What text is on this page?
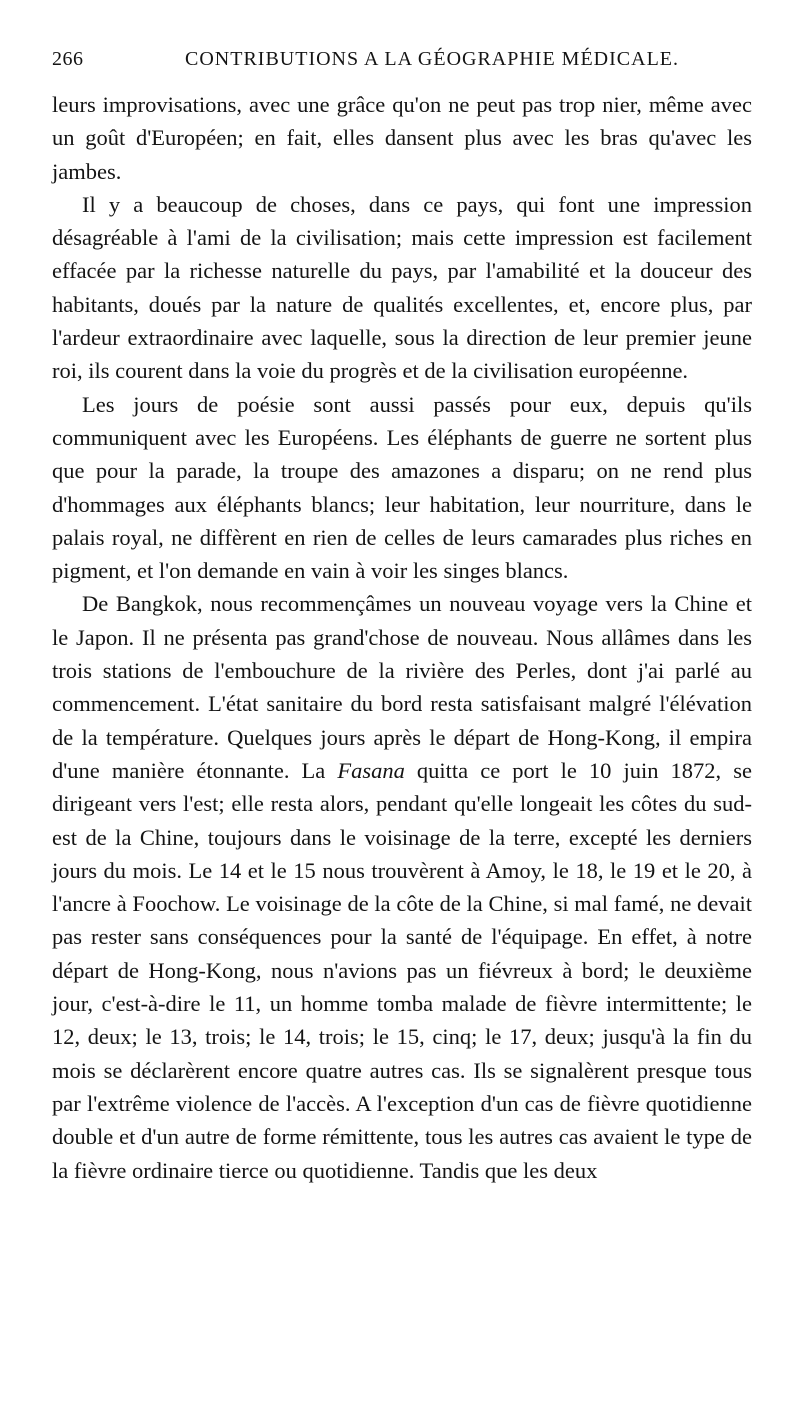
266	CONTRIBUTIONS A LA GÉOGRAPHIE MÉDICALE.

leurs improvisations, avec une grâce qu'on ne peut pas trop nier, même avec un goût d'Européen; en fait, elles dansent plus avec les bras qu'avec les jambes.

Il y a beaucoup de choses, dans ce pays, qui font une impression désagréable à l'ami de la civilisation; mais cette impression est facilement effacée par la richesse naturelle du pays, par l'amabilité et la douceur des habitants, doués par la nature de qualités excellentes, et, encore plus, par l'ardeur extraordinaire avec laquelle, sous la direction de leur premier jeune roi, ils courent dans la voie du progrès et de la civilisation européenne.

Les jours de poésie sont aussi passés pour eux, depuis qu'ils communiquent avec les Européens. Les éléphants de guerre ne sortent plus que pour la parade, la troupe des amazones a disparu; on ne rend plus d'hommages aux éléphants blancs; leur habitation, leur nourriture, dans le palais royal, ne diffèrent en rien de celles de leurs camarades plus riches en pigment, et l'on demande en vain à voir les singes blancs.

De Bangkok, nous recommençâmes un nouveau voyage vers la Chine et le Japon. Il ne présenta pas grand'chose de nouveau. Nous allâmes dans les trois stations de l'embouchure de la rivière des Perles, dont j'ai parlé au commencement. L'état sanitaire du bord resta satisfaisant malgré l'élévation de la température. Quelques jours après le départ de Hong-Kong, il empira d'une manière étonnante. La Fasana quitta ce port le 10 juin 1872, se dirigeant vers l'est; elle resta alors, pendant qu'elle longeait les côtes du sud-est de la Chine, toujours dans le voisinage de la terre, excepté les derniers jours du mois. Le 14 et le 15 nous trouvèrent à Amoy, le 18, le 19 et le 20, à l'ancre à Foochow. Le voisinage de la côte de la Chine, si mal famé, ne devait pas rester sans conséquences pour la santé de l'équipage. En effet, à notre départ de Hong-Kong, nous n'avions pas un fiévreux à bord; le deuxième jour, c'est-à-dire le 11, un homme tomba malade de fièvre intermittente; le 12, deux; le 13, trois; le 14, trois; le 15, cinq; le 17, deux; jusqu'à la fin du mois se déclarèrent encore quatre autres cas. Ils se signalèrent presque tous par l'extrême violence de l'accès. A l'exception d'un cas de fièvre quotidienne double et d'un autre de forme rémittente, tous les autres cas avaient le type de la fièvre ordinaire tierce ou quotidienne. Tandis que les deux
